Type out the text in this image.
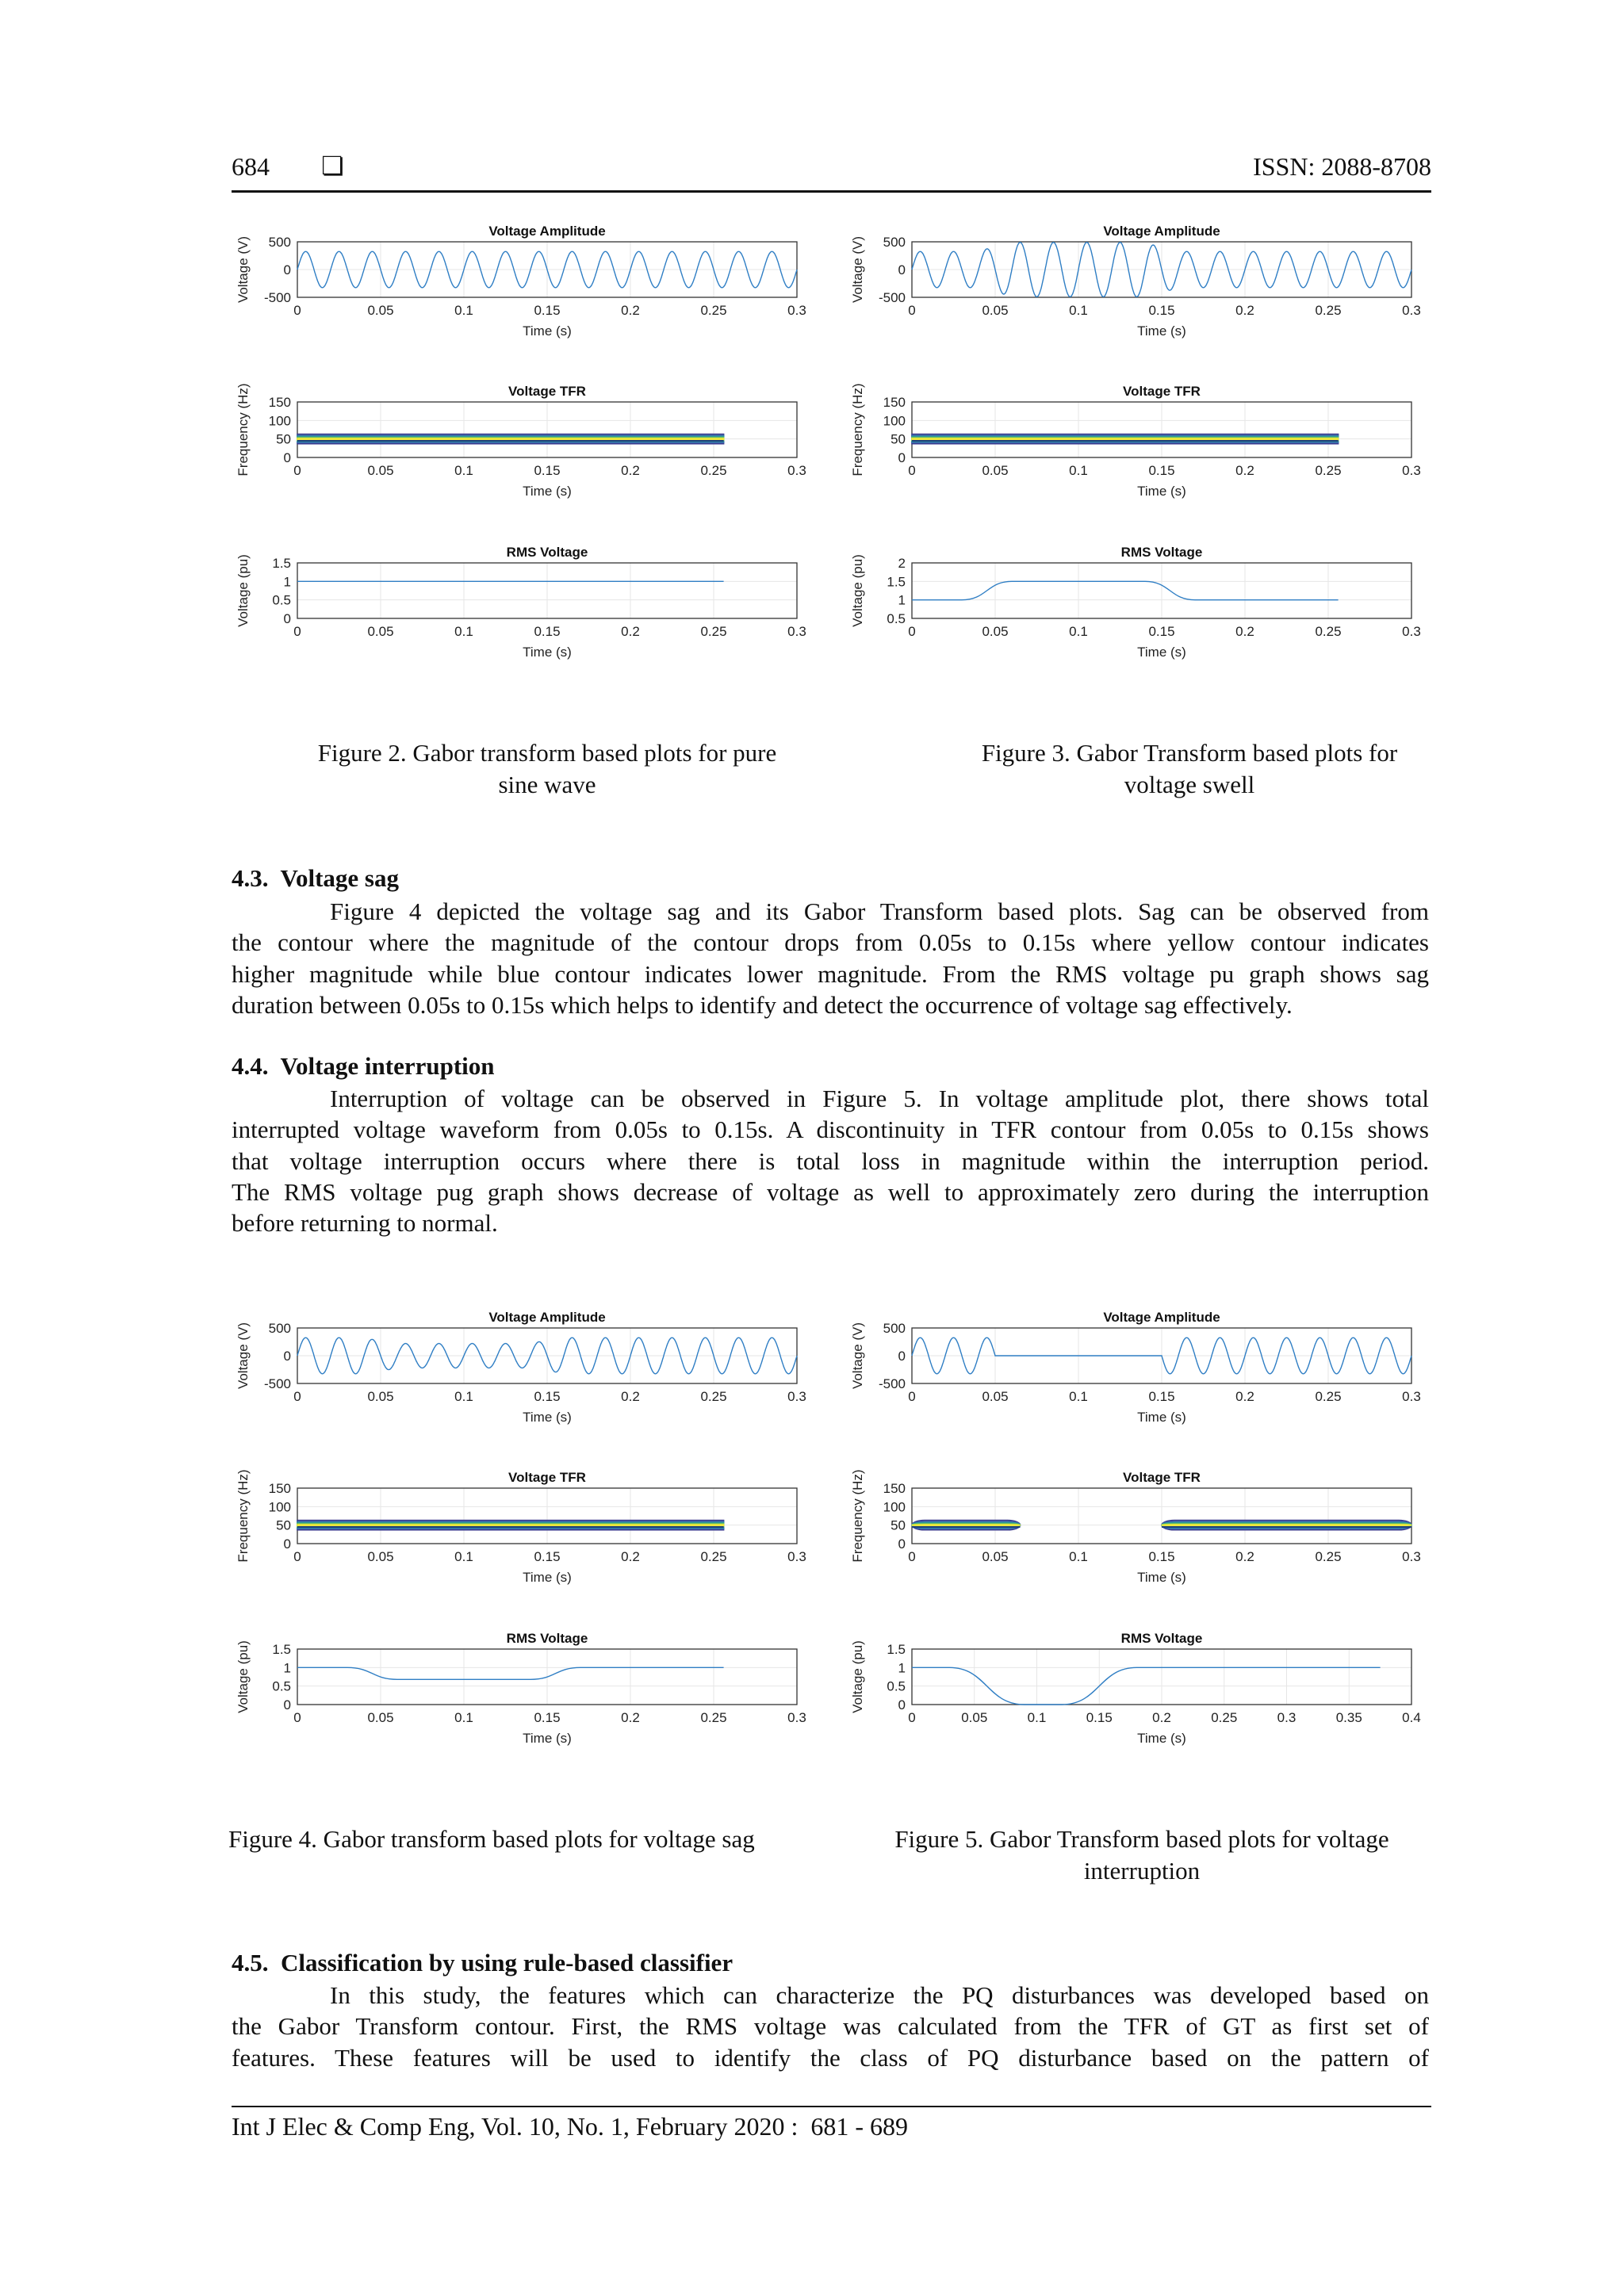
684 ❏	ISSN: 2088-8708
Voltage Amplitude
0	0.05	0.1	0.15	0.2	0.25	0.3
500
0
-500
Time (s)
Voltage (V)
Voltage TFR
0	0.05	0.1	0.15	0.2	0.25	0.3
150
100
50
0
Time (s)
Frequency (Hz)
RMS Voltage
0	0.05	0.1	0.15	0.2	0.25	0.3
1.5
1
0.5
0
Time (s)
Voltage (pu)
Voltage Amplitude
0	0.05	0.1	0.15	0.2	0.25	0.3
500
0
-500
Time (s)
Voltage (V)
Voltage TFR
0	0.05	0.1	0.15	0.2	0.25	0.3
150
100
50
0
Time (s)
Frequency (Hz)
RMS Voltage
0	0.05	0.1	0.15	0.2	0.25	0.3
2
1.5
1
0.5
Time (s)
Voltage (pu)
Voltage Amplitude
0	0.05	0.1	0.15	0.2	0.25	0.3
500
0
-500
Time (s)
Voltage (V)
Voltage TFR
0	0.05	0.1	0.15	0.2	0.25	0.3
150
100
50
0
Time (s)
Frequency (Hz)
RMS Voltage
0	0.05	0.1	0.15	0.2	0.25	0.3
1.5
1
0.5
0
Time (s)
Voltage (pu)
Voltage Amplitude
0	0.05	0.1	0.15	0.2	0.25	0.3
500
0
-500
Time (s)
Voltage (V)
Voltage TFR
0	0.05	0.1	0.15	0.2	0.25	0.3
150
100
50
0
Time (s)
Frequency (Hz)
RMS Voltage
0	0.05	0.1	0.15	0.2	0.25	0.3	0.35	0.4
1.5
1
0.5
0
Time (s)
Voltage (pu)
Figure 2. Gabor transform based plots for pure
sine wave
Figure 3. Gabor Transform based plots for
voltage swell
Figure 4. Gabor transform based plots for voltage sag	Figure 5. Gabor Transform based plots for voltage
interruption
4.3.  Voltage sag
Figure 4 depicted the voltage sag and its Gabor Transform based plots. Sag can be observed from
the contour where the magnitude of the contour drops from 0.05s to 0.15s where yellow contour indicates
higher magnitude while blue contour indicates lower magnitude. From the RMS voltage pu graph shows sag
duration between 0.05s to 0.15s which helps to identify and detect the occurrence of voltage sag effectively.
4.4.  Voltage interruption
Interruption of voltage can be observed in Figure 5. In voltage amplitude plot, there shows total
interrupted voltage waveform from 0.05s to 0.15s. A discontinuity in TFR contour from 0.05s to 0.15s shows
that voltage interruption occurs where there is total loss in magnitude within the interruption period.
The RMS voltage pug graph shows decrease of voltage as well to approximately zero during the interruption
before returning to normal.
4.5.  Classification by using rule-based classifier
In this study, the features which can characterize the PQ disturbances was developed based on
the Gabor Transform contour. First, the RMS voltage was calculated from the TFR of GT as first set of
features. These features will be used to identify the class of PQ disturbance based on the pattern of
Int J Elec & Comp Eng, Vol. 10, No. 1, February 2020 :  681 - 689
